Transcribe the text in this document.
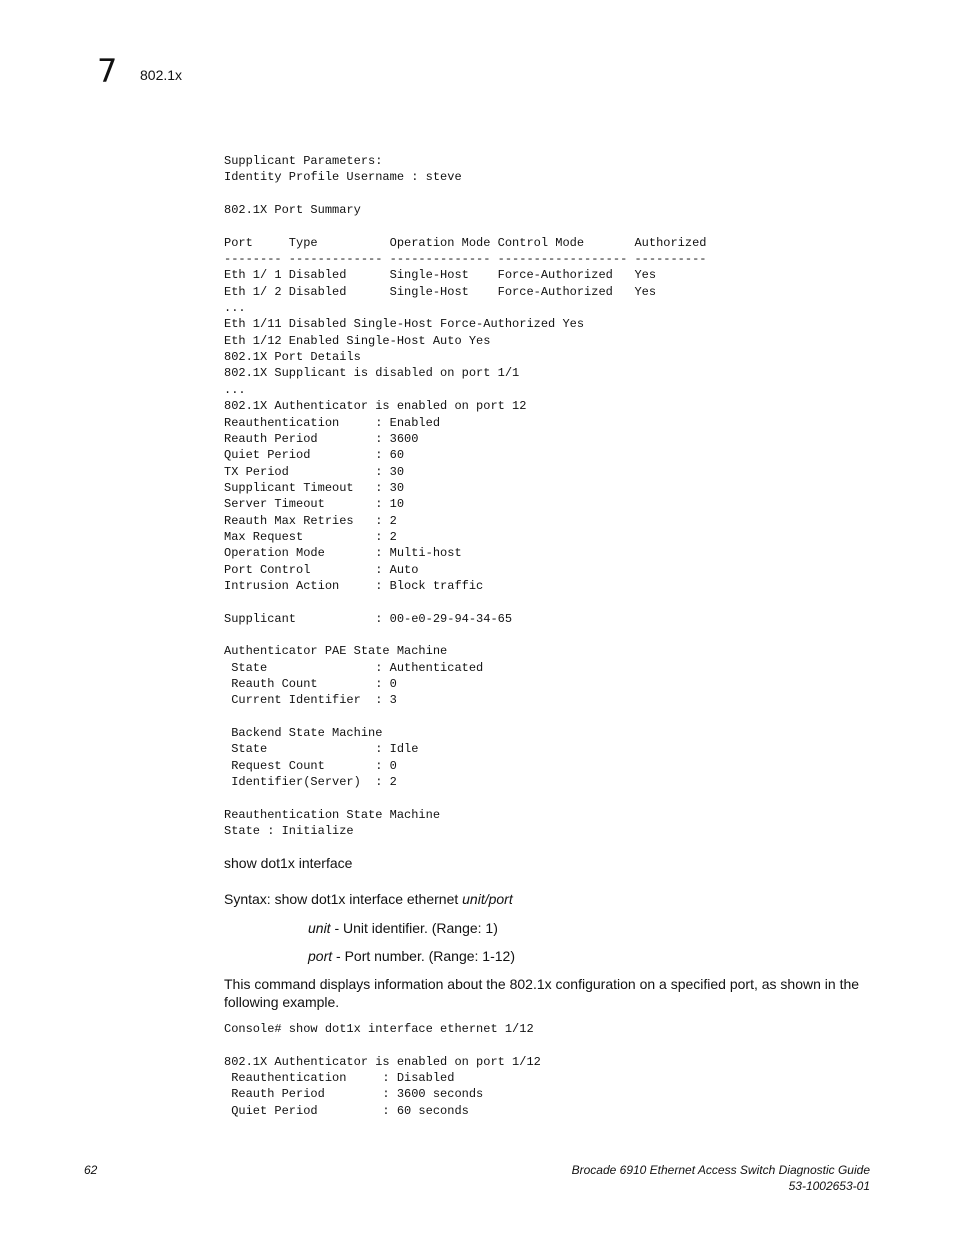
7 802.1x
Supplicant Parameters:
Identity Profile Username : steve

802.1X Port Summary

Port     Type          Operation Mode Control Mode       Authorized
-------- ------------- -------------- ------------------ ----------
Eth 1/ 1 Disabled      Single-Host    Force-Authorized   Yes
Eth 1/ 2 Disabled      Single-Host    Force-Authorized   Yes
...
Eth 1/11 Disabled Single-Host Force-Authorized Yes
Eth 1/12 Enabled Single-Host Auto Yes
802.1X Port Details
802.1X Supplicant is disabled on port 1/1
...
802.1X Authenticator is enabled on port 12
Reauthentication     : Enabled
Reauth Period        : 3600
Quiet Period         : 60
TX Period            : 30
Supplicant Timeout   : 30
Server Timeout       : 10
Reauth Max Retries   : 2
Max Request          : 2
Operation Mode       : Multi-host
Port Control         : Auto
Intrusion Action     : Block traffic

Supplicant           : 00-e0-29-94-34-65

Authenticator PAE State Machine
State               : Authenticated
Reauth Count        : 0
Current Identifier  : 3

Backend State Machine
State               : Idle
Request Count       : 0
Identifier(Server)  : 2

Reauthentication State Machine
State : Initialize
show dot1x interface
Syntax: show dot1x interface ethernet unit/port
unit - Unit identifier. (Range: 1)
port - Port number. (Range: 1-12)
This command displays information about the 802.1x configuration on a specified port, as shown in the following example.
Console# show dot1x interface ethernet 1/12

802.1X Authenticator is enabled on port 1/12
Reauthentication     : Disabled
Reauth Period        : 3600 seconds
Quiet Period         : 60 seconds
62	Brocade 6910 Ethernet Access Switch Diagnostic Guide
53-1002653-01
